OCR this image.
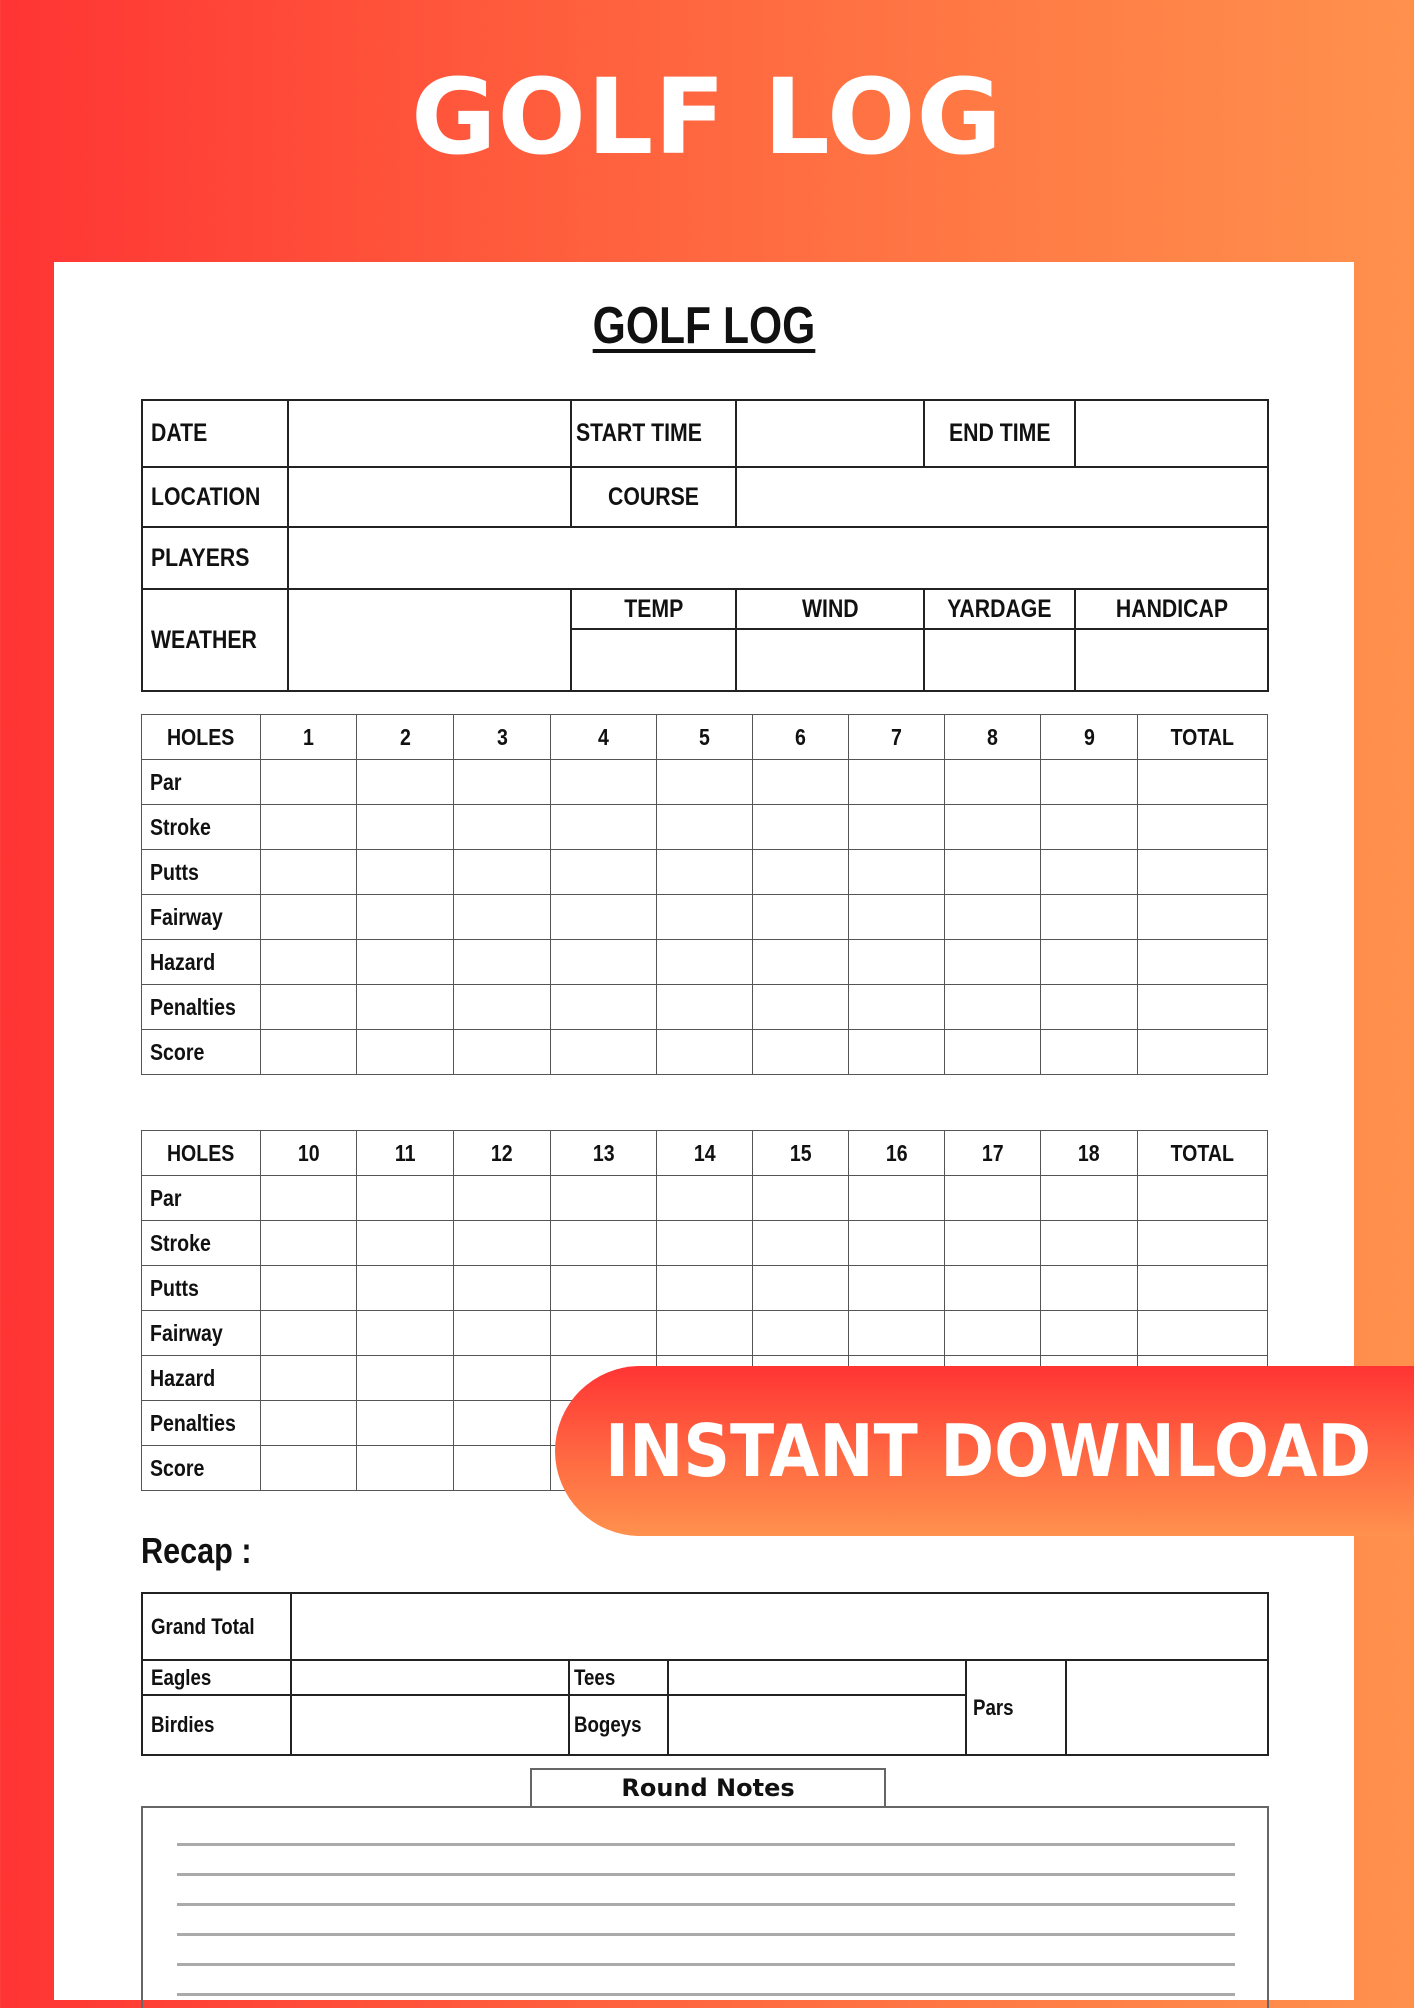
GOLF LOG
GOLF LOG
DATE		START TIME		END TIME	
LOCATION		COURSE			
PLAYERS					
WEATHER		TEMP	WIND	YARDAGE	HANDICAP

HOLES	1	2	3	4	5	6	7	8	9	TOTAL
Par										
Stroke										
Putts										
Fairway										
Hazard										
Penalties										
Score										
HOLES	10	11	12	13	14	15	16	17	18	TOTAL
Par										
Stroke										
Putts										
Fairway										
Hazard										
Penalties										
Score										
Recap :
Grand Total					
Eagles		Tees		Pars	
Birdies		Bogeys			
Round Notes
INSTANT DOWNLOAD
